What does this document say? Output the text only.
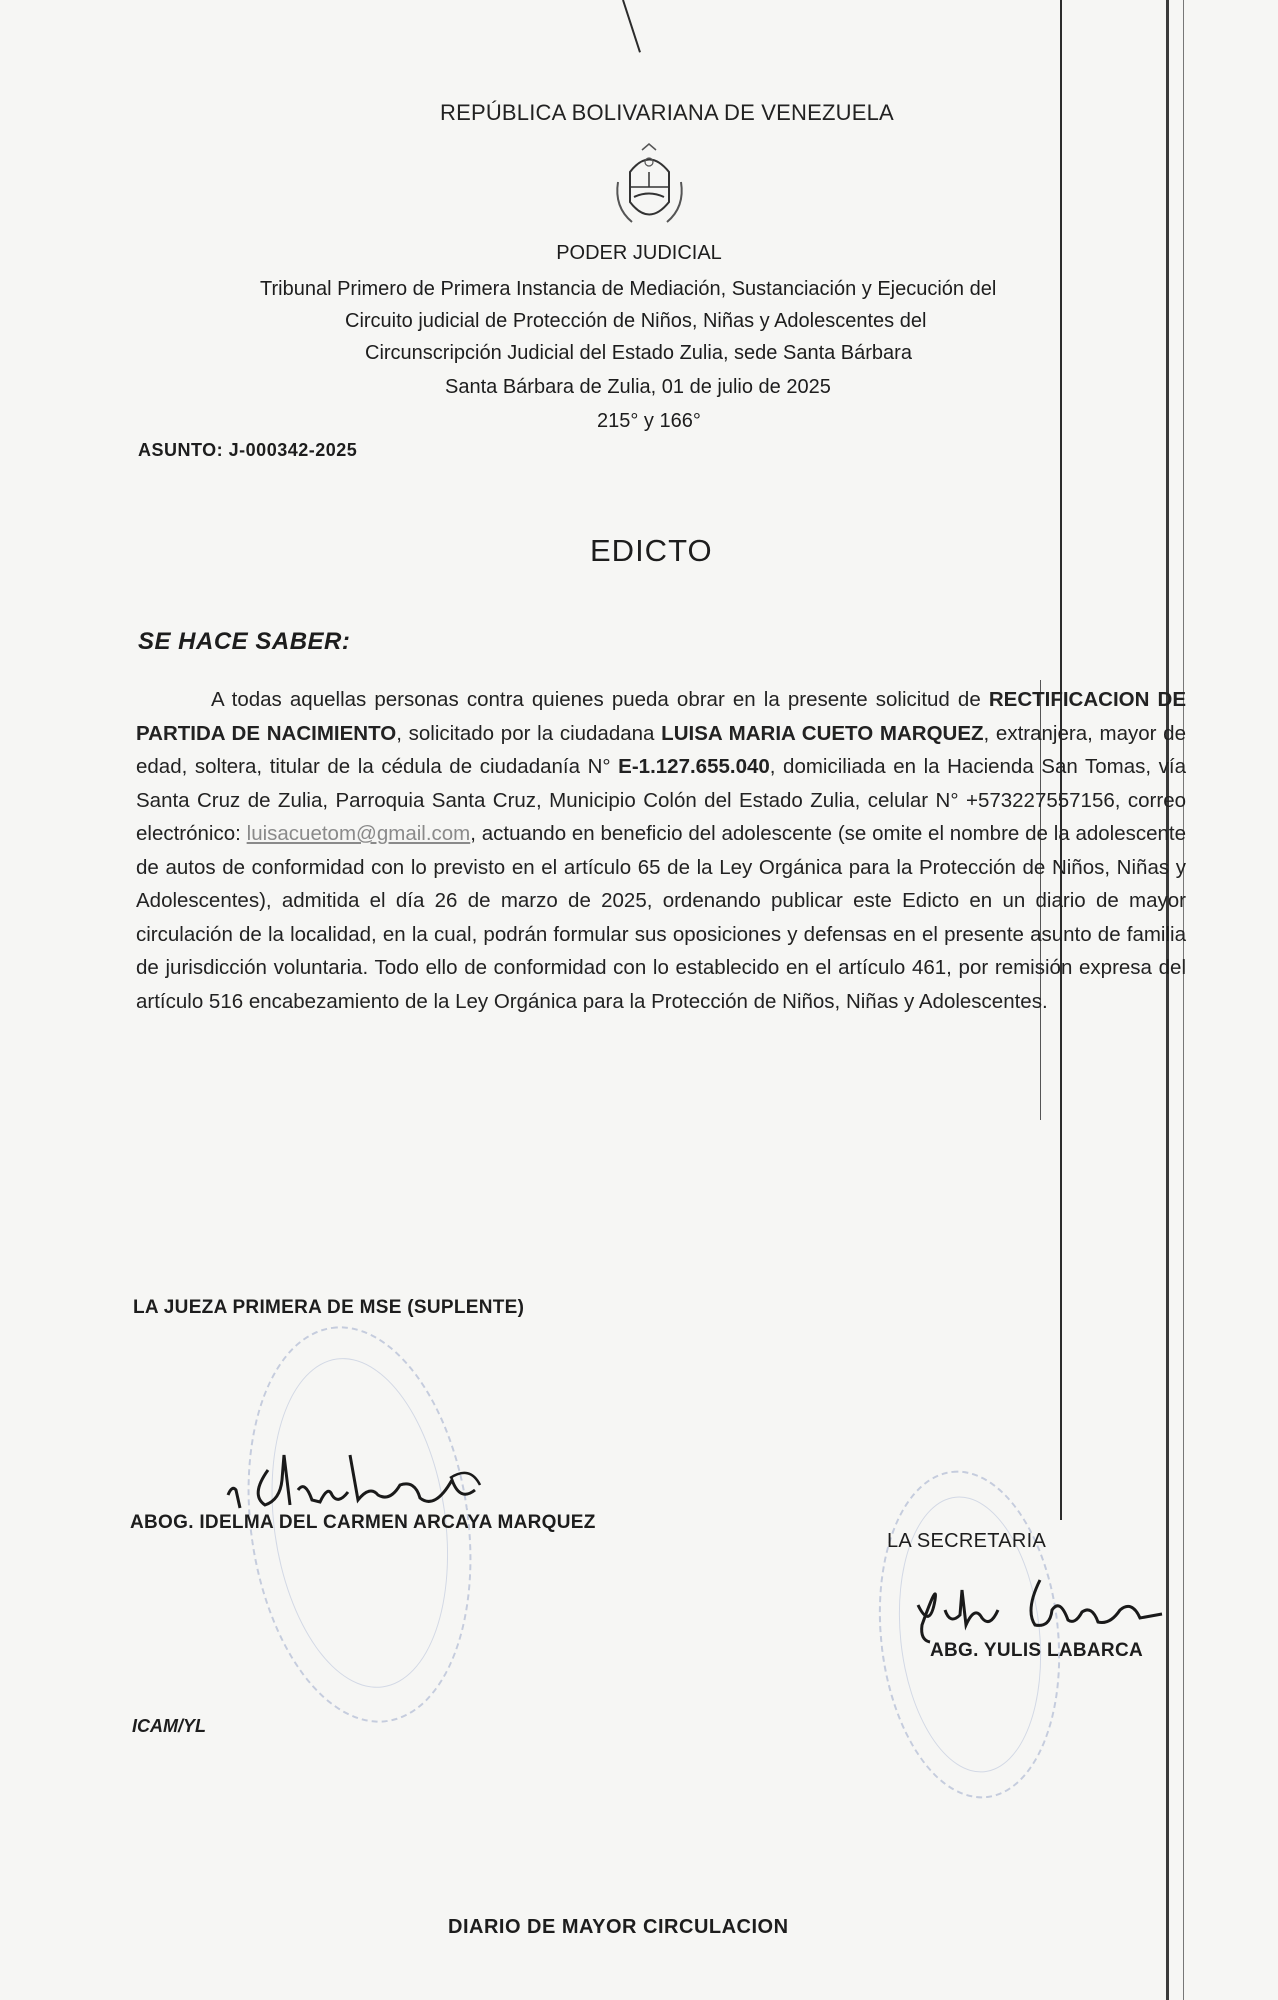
REPÚBLICA BOLIVARIANA DE VENEZUELA
PODER JUDICIAL
Tribunal Primero de Primera Instancia de Mediación, Sustanciación y Ejecución del
Circuito judicial de Protección de Niños, Niñas y Adolescentes del
Circunscripción Judicial del Estado Zulia, sede Santa Bárbara
Santa Bárbara de Zulia, 01 de julio de 2025
215° y 166°
ASUNTO: J-000342-2025
EDICTO
SE HACE SABER:
A todas aquellas personas contra quienes pueda obrar en la presente solicitud de RECTIFICACION DE PARTIDA DE NACIMIENTO, solicitado por la ciudadana LUISA MARIA CUETO MARQUEZ, extranjera, mayor de edad, soltera, titular de la cédula de ciudadanía N° E-1.127.655.040, domiciliada en la Hacienda San Tomas, vía Santa Cruz de Zulia, Parroquia Santa Cruz, Municipio Colón del Estado Zulia, celular N° +573227557156, correo electrónico: luisacuetom@gmail.com, actuando en beneficio del adolescente (se omite el nombre de la adolescente de autos de conformidad con lo previsto en el artículo 65 de la Ley Orgánica para la Protección de Niños, Niñas y Adolescentes), admitida el día 26 de marzo de 2025, ordenando publicar este Edicto en un diario de mayor circulación de la localidad, en la cual, podrán formular sus oposiciones y defensas en el presente asunto de familia de jurisdicción voluntaria. Todo ello de conformidad con lo establecido en el artículo 461, por remisión expresa del artículo 516 encabezamiento de la Ley Orgánica para la Protección de Niños, Niñas y Adolescentes.
LA JUEZA PRIMERA DE MSE (SUPLENTE)
ABOG. IDELMA DEL CARMEN ARCAYA MARQUEZ
LA SECRETARIA
ABG. YULIS LABARCA
ICAM/YL
DIARIO DE MAYOR CIRCULACION
